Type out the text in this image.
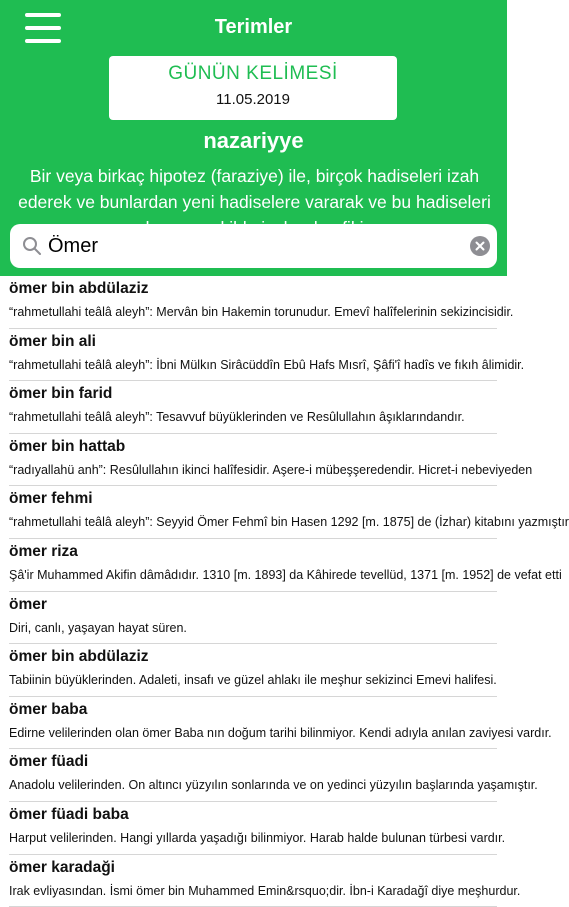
Terimler
GÜNÜN KELİMESİ
11.05.2019
nazariyye
Bir veya birkaç hipotez (faraziye) ile, birçok hadiseleri izah ederek ve bunlardan yeni hadiselere vararak ve bu hadiseleri
Ömer
ömer bin abdülaziz
“rahmetullahi teâlâ aleyh”: Mervân bin Hakemin torunudur. Emevî halîfelerinin sekizincisidir.
ömer bin ali
“rahmetullahi teâlâ aleyh”: İbni Mülkın Sirâcüddîn Ebû Hafs Mısrî, Şâfi'î hadîs ve fıkıh âlimidir.
ömer bin farid
“rahmetullahi teâlâ aleyh”: Tesavvuf büyüklerinden ve Resûlullahın âşıklarındandır.
ömer bin hattab
“radıyallahü anh”: Resûlullahın ikinci halîfesidir. Aşere-i mübeşşeredendir. Hicret-i nebeviyeden
ömer fehmi
“rahmetullahi teâlâ aleyh”: Seyyid Ömer Fehmî bin Hasen 1292 [m. 1875] de (İzhar) kitabını yazmıştır
ömer riza
Şâ'ir Muhammed Akifin dâmâdıdır. 1310 [m. 1893] da Kâhirede tevellüd, 1371 [m. 1952] de vefat etti
ömer
Diri, canlı, yaşayan hayat süren.
ömer bin abdülaziz
Tabiinin büyüklerinden. Adaleti, insafı ve güzel ahlakı ile meşhur sekizinci Emevi halifesi.
ömer baba
Edirne velilerinden olan ömer Baba nın doğum tarihi bilinmiyor. Kendi adıyla anılan zaviyesi vardır.
ömer füadi
Anadolu velilerinden. On altıncı yüzyılın sonlarında ve on yedinci yüzyılın başlarında yaşamıştır.
ömer füadi baba
Harput velilerinden. Hangi yıllarda yaşadığı bilinmiyor. Harab halde bulunan türbesi vardır.
ömer karadaği
Irak evliyasından. İsmi ömer bin Muhammed Emin&rsquo;dir. İbn-i Karadağî diye meşhurdur.
